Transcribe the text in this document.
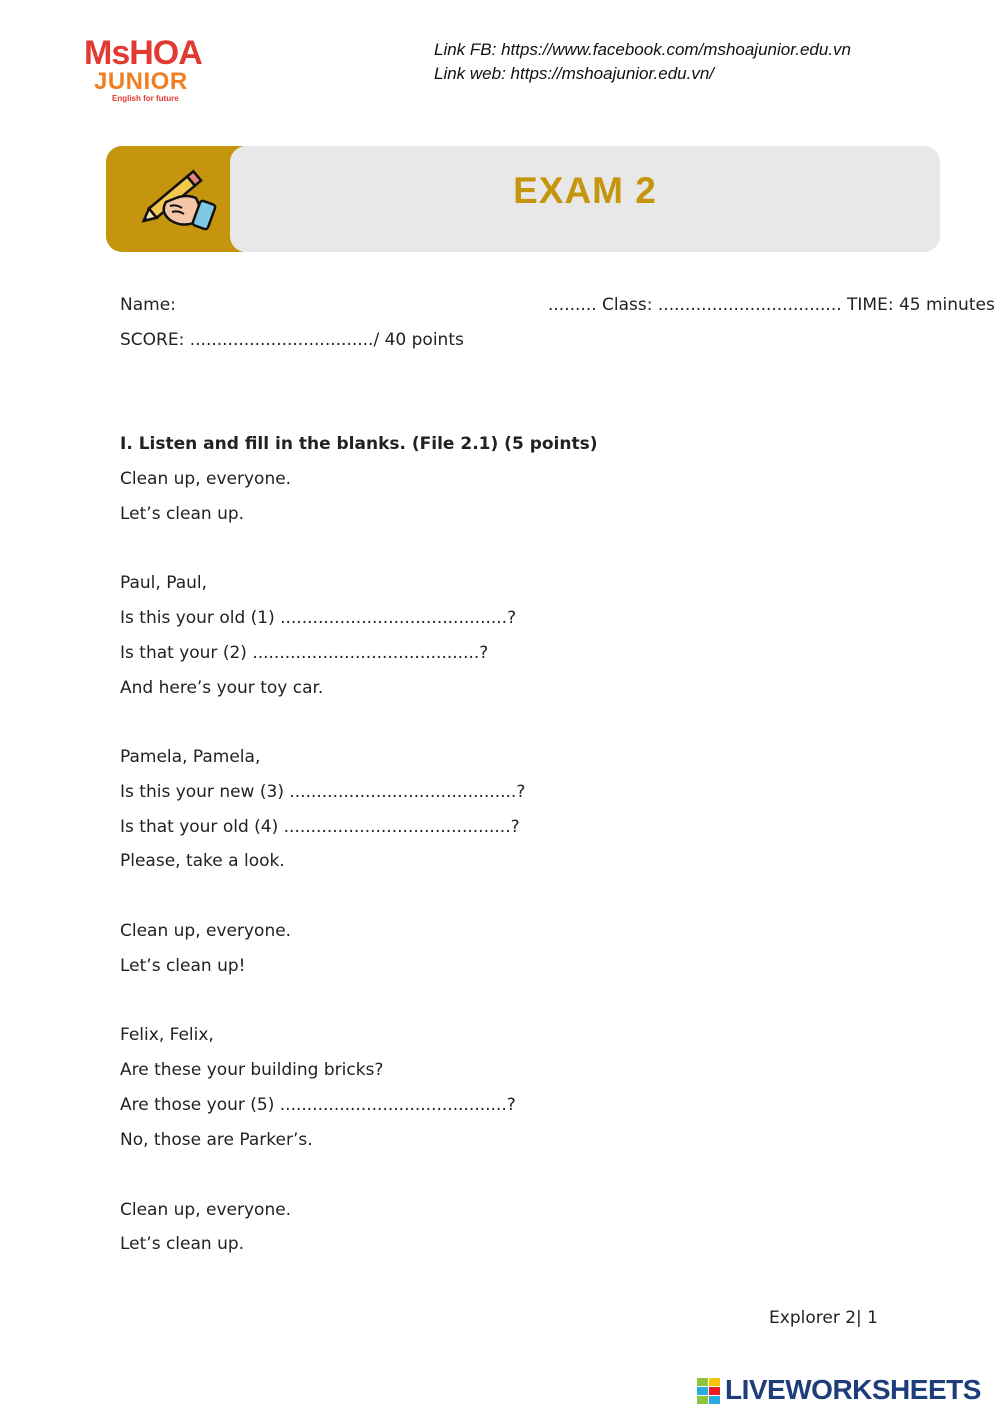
MsHOA
JUNIOR
English for future
Link FB: https://www.facebook.com/mshoajunior.edu.vn
Link web: https://mshoajunior.edu.vn/
EXAM 2
Name:	......... Class: .................................. TIME: 45 minutes
SCORE: ................................../ 40 points
I. Listen and fill in the blanks. (File 2.1) (5 points)
Clean up, everyone.
Let’s clean up.
Paul, Paul,
Is this your old (1) ..........................................?
Is that your (2) ..........................................?
And here’s your toy car.
Pamela, Pamela,
Is this your new (3) ..........................................?
Is that your old (4) ..........................................?
Please, take a look.
Clean up, everyone.
Let’s clean up!
Felix, Felix,
Are these your building bricks?
Are those your (5) ..........................................?
No, those are Parker’s.
Clean up, everyone.
Let’s clean up.
Explorer 2| 1
LIVEWORKSHEETS
